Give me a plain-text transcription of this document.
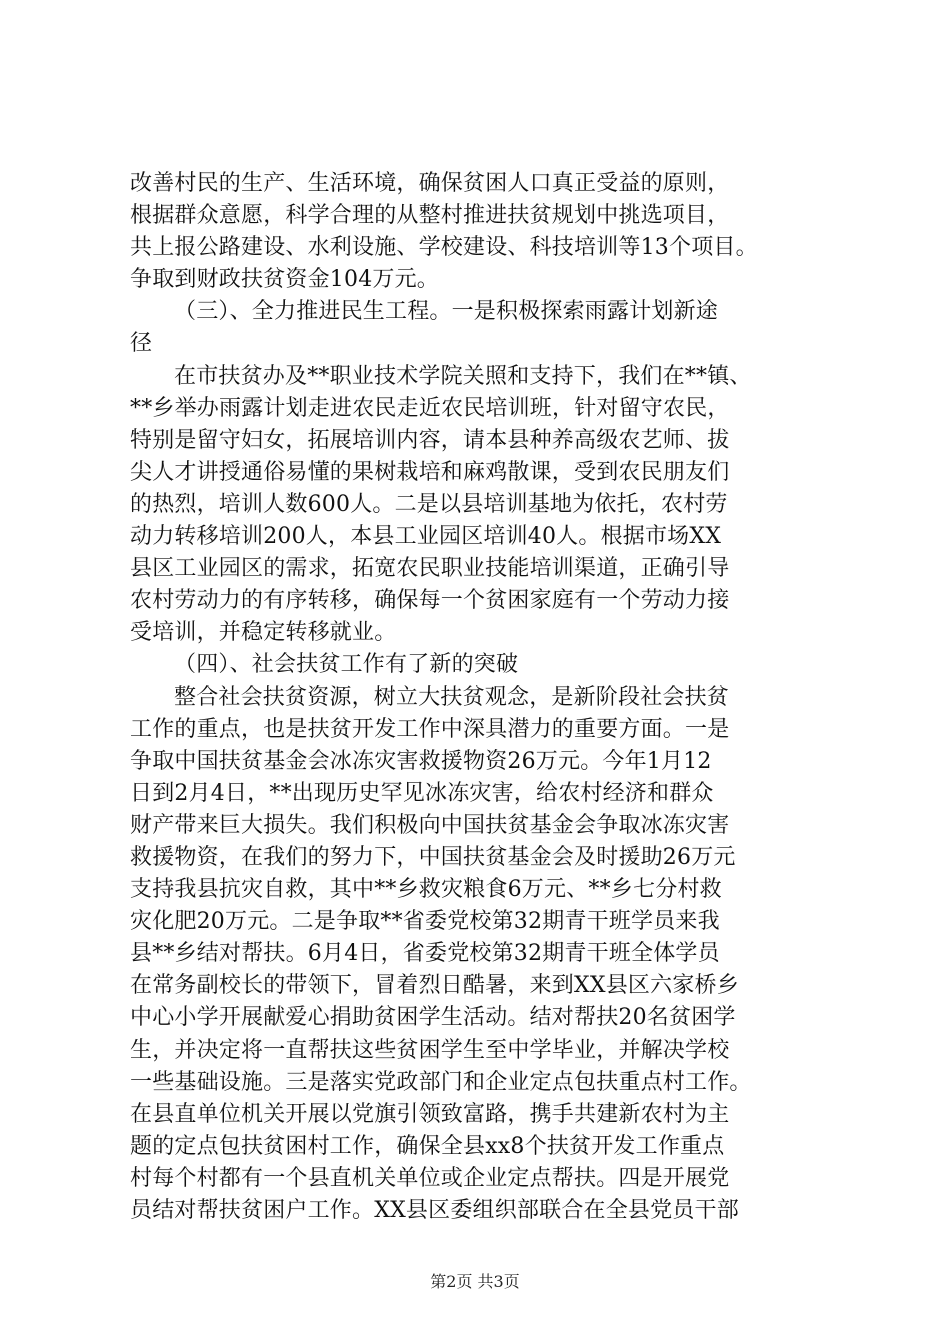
改善村民的生产、生活环境，确保贫困人口真正受益的原则，
根据群众意愿，科学合理的从整村推进扶贫规划中挑选项目，
共上报公路建设、水利设施、学校建设、科技培训等13个项目。
争取到财政扶贫资金104万元。
（三）、全力推进民生工程。一是积极探索雨露计划新途
径
在市扶贫办及**职业技术学院关照和支持下，我们在**镇、
**乡举办雨露计划走进农民走近农民培训班，针对留守农民，
特别是留守妇女，拓展培训内容，请本县种养高级农艺师、拔
尖人才讲授通俗易懂的果树栽培和麻鸡散课，受到农民朋友们
的热烈，培训人数600人。二是以县培训基地为依托，农村劳
动力转移培训200人，本县工业园区培训40人。根据市场XX
县区工业园区的需求，拓宽农民职业技能培训渠道，正确引导
农村劳动力的有序转移，确保每一个贫困家庭有一个劳动力接
受培训，并稳定转移就业。
（四）、社会扶贫工作有了新的突破
整合社会扶贫资源，树立大扶贫观念，是新阶段社会扶贫
工作的重点，也是扶贫开发工作中深具潜力的重要方面。一是
争取中国扶贫基金会冰冻灾害救援物资26万元。今年1月12
日到2月4日，**出现历史罕见冰冻灾害，给农村经济和群众
财产带来巨大损失。我们积极向中国扶贫基金会争取冰冻灾害
救援物资，在我们的努力下，中国扶贫基金会及时援助26万元
支持我县抗灾自救，其中**乡救灾粮食6万元、**乡七分村救
灾化肥20万元。二是争取**省委党校第32期青干班学员来我
县**乡结对帮扶。6月4日，省委党校第32期青干班全体学员
在常务副校长的带领下，冒着烈日酷暑，来到XX县区六家桥乡
中心小学开展献爱心捐助贫困学生活动。结对帮扶20名贫困学
生，并决定将一直帮扶这些贫困学生至中学毕业，并解决学校
一些基础设施。三是落实党政部门和企业定点包扶重点村工作。
在县直单位机关开展以党旗引领致富路，携手共建新农村为主
题的定点包扶贫困村工作，确保全县xx8个扶贫开发工作重点
村每个村都有一个县直机关单位或企业定点帮扶。四是开展党
员结对帮扶贫困户工作。XX县区委组织部联合在全县党员干部
第2页 共3页
